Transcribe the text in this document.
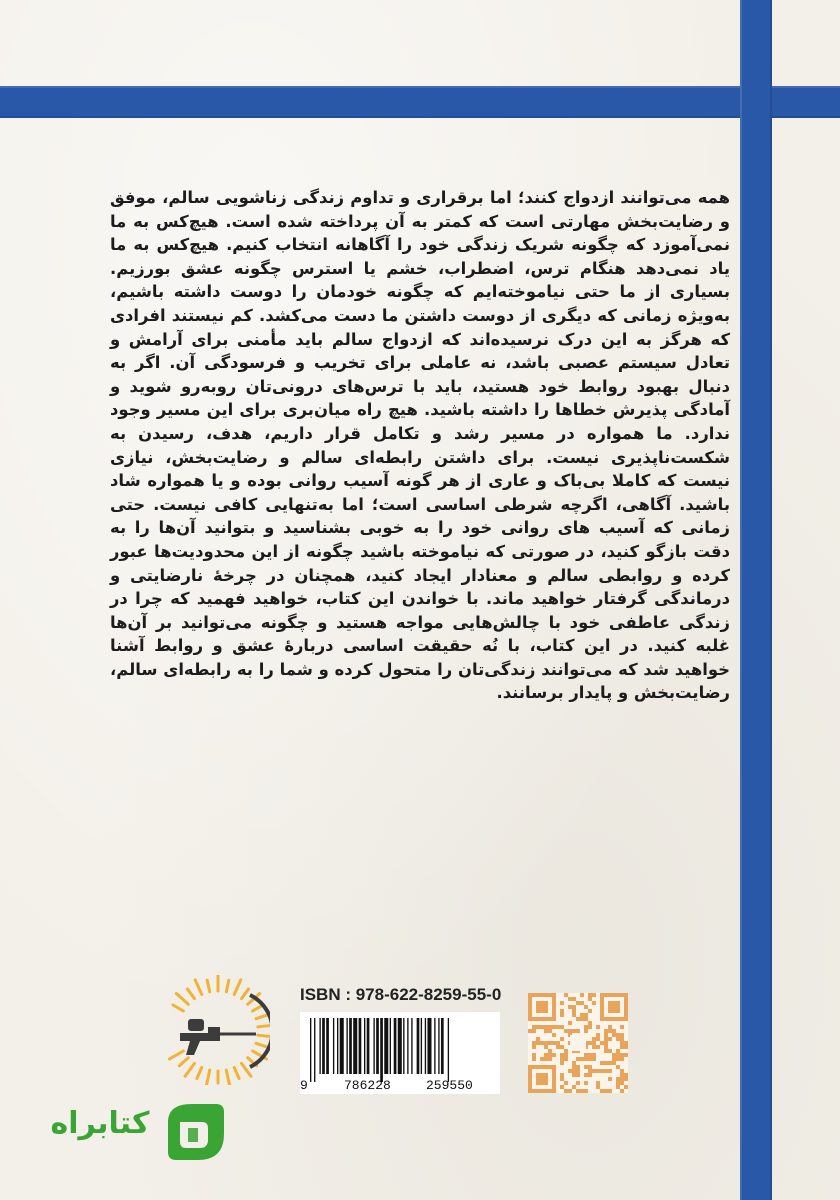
همه می‌توانند ازدواج کنند؛ اما برقراری و تداوم زندگی زناشویی سالم، موفق و رضایت‌بخش مهارتی است که کمتر به آن پرداخته شده است. هیچ‌کس به ما نمی‌آموزد که چگونه شریک زندگی خود را آگاهانه انتخاب کنیم. هیچ‌کس به ما یاد نمی‌دهد هنگام ترس، اضطراب، خشم یا استرس چگونه عشق بورزیم. بسیاری از ما حتی نیاموخته‌ایم که چگونه خودمان را دوست داشته باشیم، به‌ویژه زمانی که دیگری از دوست داشتن ما دست می‌کشد. کم نیستند افرادی که هرگز به این درک نرسیده‌اند که ازدواج سالم باید مأمنی برای آرامش و تعادل سیستم عصبی باشد، نه عاملی برای تخریب و فرسودگی آن. اگر به دنبال بهبود روابط خود هستید، باید با ترس‌های درونی‌تان روبه‌رو شوید و آمادگی پذیرش خطاها را داشته باشید. هیچ راه میان‌بری برای این مسیر وجود ندارد. ما همواره در مسیر رشد و تکامل قرار داریم، هدف، رسیدن به شکست‌ناپذیری نیست. برای داشتن رابطه‌ای سالم و رضایت‌بخش، نیازی نیست که کاملا بی‌باک و عاری از هر گونه آسیب روانی بوده و یا همواره شاد باشید. آگاهی، اگرچه شرطی اساسی است؛ اما به‌تنهایی کافی نیست. حتی زمانی که آسیب های روانی خود را به خوبی بشناسید و بتوانید آن‌ها را به دقت بازگو کنید، در صورتی که نیاموخته باشید چگونه از این محدودیت‌ها عبور کرده و روابطی سالم و معنادار ایجاد کنید، همچنان در چرخهٔ نارضایتی و درماندگی گرفتار خواهید ماند. با خواندن این کتاب، خواهید فهمید که چرا در زندگی عاطفی خود با چالش‌هایی مواجه هستید و چگونه می‌توانید بر آن‌ها غلبه کنید. در این کتاب، با نُه حقیقت اساسی دربارهٔ عشق و روابط آشنا خواهید شد که می‌توانند زندگی‌تان را متحول کرده و شما را به رابطه‌ای سالم، رضایت‌بخش و پایدار برسانند.

ISBN : 978-622-8259-55-0
9	786228	259550
کتابراه
